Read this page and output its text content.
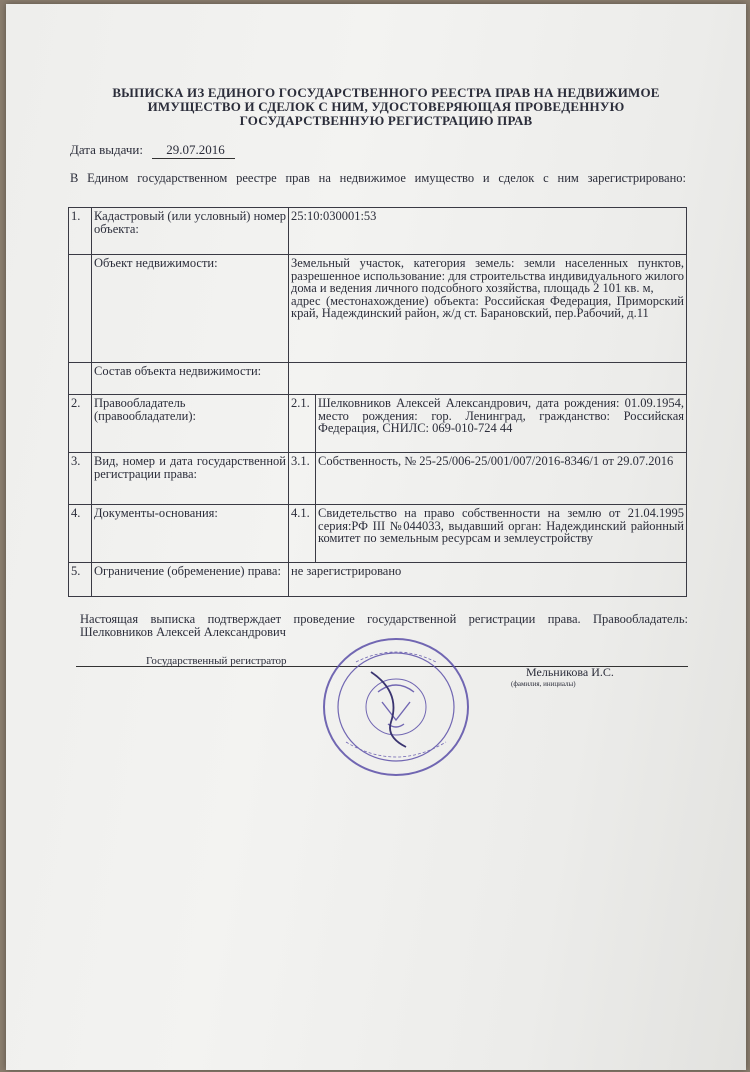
ВЫПИСКА ИЗ ЕДИНОГО ГОСУДАРСТВЕННОГО РЕЕСТРА ПРАВ НА НЕДВИЖИМОЕ ИМУЩЕСТВО И СДЕЛОК С НИМ, УДОСТОВЕРЯЮЩАЯ ПРОВЕДЕННУЮ ГОСУДАРСТВЕННУЮ РЕГИСТРАЦИЮ ПРАВ
Дата выдачи: 29.07.2016
В Едином государственном реестре прав на недвижимое имущество и сделок с ним зарегистрировано:
1.	Кадастровый (или условный) номер объекта:	25:10:030001:53	
	Объект недвижимости:	Земельный участок, категория земель: земли населенных пунктов, разрешенное использование: для строительства индивидуального жилого дома и ведения личного подсобного хозяйства, площадь 2 101 кв. м,
адрес (местонахождение) объекта: Российская Федерация, Приморский край, Надеждинский район, ж/д ст. Барановский, пер.Рабочий, д.11	

	Состав объекта недвижимости:		
2.	Правообладатель (правообладатели):	2.1.	Шелковников Алексей Александрович, дата рождения: 01.09.1954, место рождения: гор. Ленинград, гражданство: Российская Федерация, СНИЛС: 069-010-724 44
3.	Вид, номер и дата государственной регистрации права:	3.1.	Собственность, № 25-25/006-25/001/007/2016-8346/1 от 29.07.2016
4.	Документы-основания:	4.1.	Свидетельство на право собственности на землю от 21.04.1995 серия:РФ III №044033, выдавший орган: Надеждинский районный комитет по земельным ресурсам и землеустройству
5.	Ограничение (обременение) права:	не зарегистрировано	
Настоящая выписка подтверждает проведение государственной регистрации права. Правообладатель: Шелковников Алексей Александрович
Государственный регистратор
Мельникова И.С.
(фамилия, инициалы)
